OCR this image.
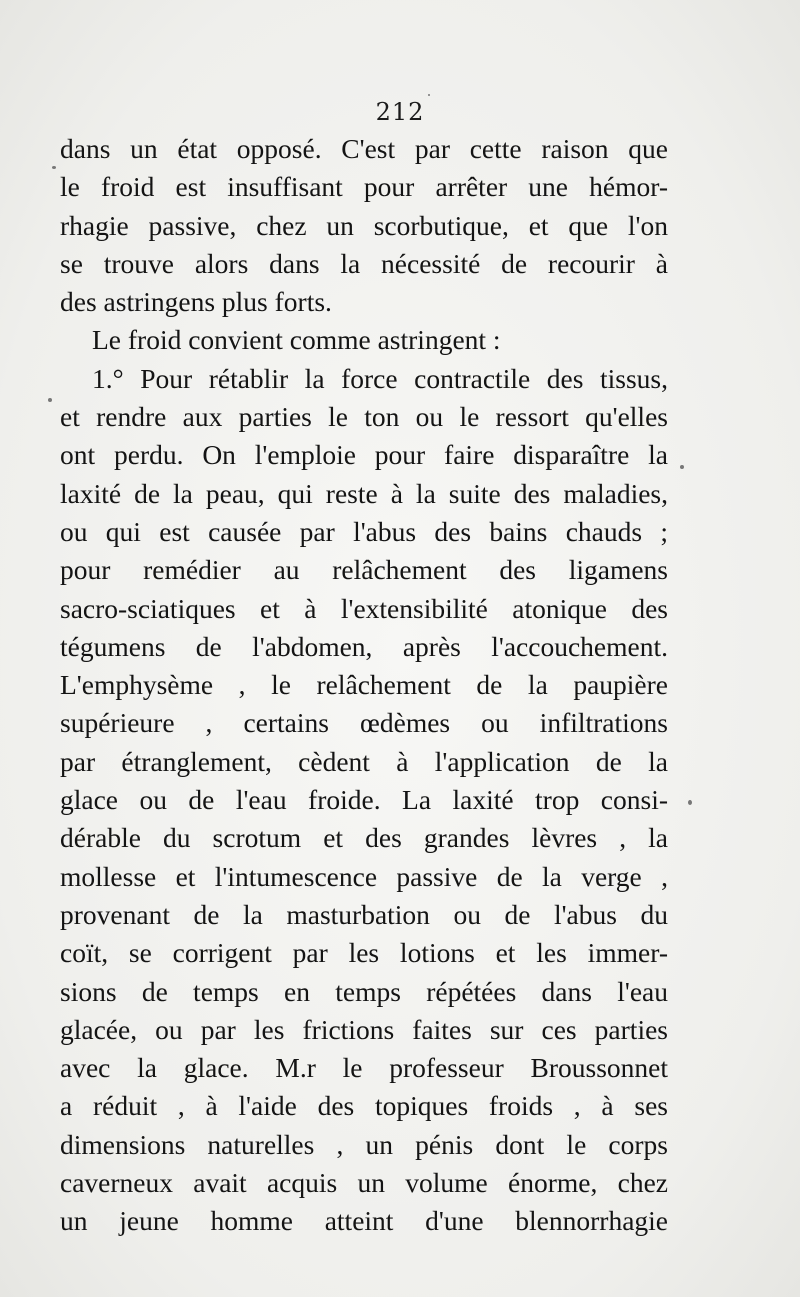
212
dans un état opposé. C'est par cette raison que
le froid est insuffisant pour arrêter une hémor-
rhagie passive, chez un scorbutique, et que l'on
se trouve alors dans la nécessité de recourir à
des astringens plus forts.
Le froid convient comme astringent :
1.° Pour rétablir la force contractile des tissus,
et rendre aux parties le ton ou le ressort qu'elles
ont perdu. On l'emploie pour faire disparaître la
laxité de la peau, qui reste à la suite des maladies,
ou qui est causée par l'abus des bains chauds ;
pour remédier au relâchement des ligamens
sacro-sciatiques et à l'extensibilité atonique des
tégumens de l'abdomen, après l'accouchement.
L'emphysème , le relâchement de la paupière
supérieure , certains œdèmes ou infiltrations
par étranglement, cèdent à l'application de la
glace ou de l'eau froide. La laxité trop consi-
dérable du scrotum et des grandes lèvres , la
mollesse et l'intumescence passive de la verge ,
provenant de la masturbation ou de l'abus du
coït, se corrigent par les lotions et les immer-
sions de temps en temps répétées dans l'eau
glacée, ou par les frictions faites sur ces parties
avec la glace. M.r le professeur Broussonnet
a réduit , à l'aide des topiques froids , à ses
dimensions naturelles , un pénis dont le corps
caverneux avait acquis un volume énorme, chez
un jeune homme atteint d'une blennorrhagie
